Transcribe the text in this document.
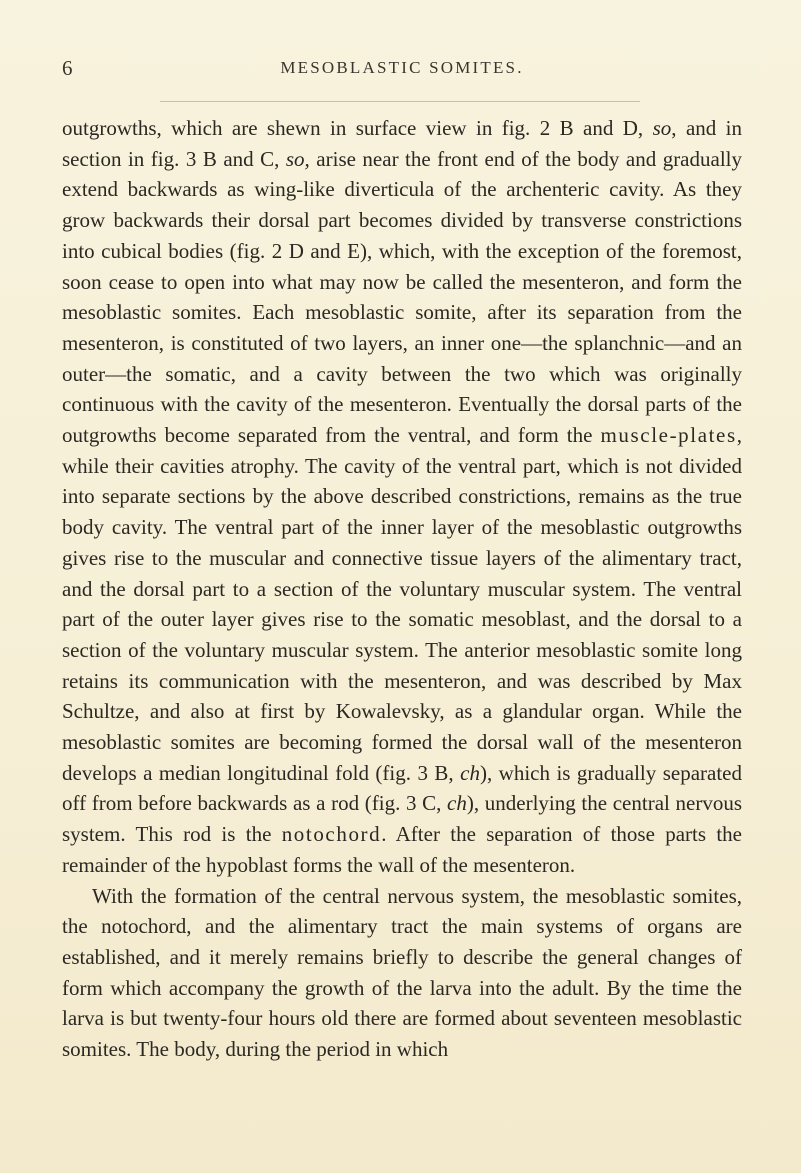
6	MESOBLASTIC SOMITES.

outgrowths, which are shewn in surface view in fig. 2 B and D, so, and in section in fig. 3 B and C, so, arise near the front end of the body and gradually extend backwards as wing-like diverticula of the archenteric cavity. As they grow backwards their dorsal part becomes divided by transverse constrictions into cubical bodies (fig. 2 D and E), which, with the exception of the foremost, soon cease to open into what may now be called the mesenteron, and form the mesoblastic somites. Each mesoblastic somite, after its separation from the mesenteron, is constituted of two layers, an inner one—the splanchnic—and an outer—the somatic, and a cavity between the two which was originally continuous with the cavity of the mesenteron. Eventually the dorsal parts of the outgrowths become separated from the ventral, and form the muscle-plates, while their cavities atrophy. The cavity of the ventral part, which is not divided into separate sections by the above described constrictions, remains as the true body cavity. The ventral part of the inner layer of the mesoblastic outgrowths gives rise to the muscular and connective tissue layers of the alimentary tract, and the dorsal part to a section of the voluntary muscular system. The ventral part of the outer layer gives rise to the somatic mesoblast, and the dorsal to a section of the voluntary muscular system. The anterior mesoblastic somite long retains its communication with the mesenteron, and was described by Max Schultze, and also at first by Kowalevsky, as a glandular organ. While the mesoblastic somites are becoming formed the dorsal wall of the mesenteron develops a median longitudinal fold (fig. 3 B, ch), which is gradually separated off from before backwards as a rod (fig. 3 C, ch), underlying the central nervous system. This rod is the notochord. After the separation of those parts the remainder of the hypoblast forms the wall of the mesenteron.

With the formation of the central nervous system, the mesoblastic somites, the notochord, and the alimentary tract the main systems of organs are established, and it merely remains briefly to describe the general changes of form which accompany the growth of the larva into the adult. By the time the larva is but twenty-four hours old there are formed about seventeen mesoblastic somites. The body, during the period in which
